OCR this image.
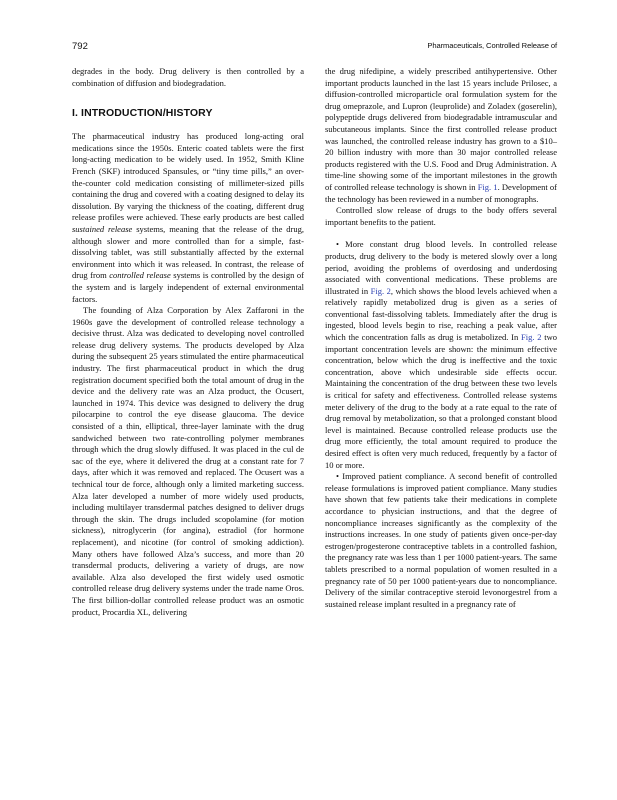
792	Pharmaceuticals, Controlled Release of

degrades in the body. Drug delivery is then controlled by a combination of diffusion and biodegradation.

I. INTRODUCTION/HISTORY

The pharmaceutical industry has produced long-acting oral medications since the 1950s. Enteric coated tablets were the first long-acting medication to be widely used. In 1952, Smith Kline French (SKF) introduced Spansules, or “tiny time pills,” an over-the-counter cold medication consisting of millimeter-sized pills containing the drug and covered with a coating designed to delay its dissolution. By varying the thickness of the coating, different drug release profiles were achieved. These early products are best called sustained release systems, meaning that the release of the drug, although slower and more controlled than for a simple, fast-dissolving tablet, was still substantially affected by the external environment into which it was released. In contrast, the release of drug from controlled release systems is controlled by the design of the system and is largely independent of external environmental factors.

The founding of Alza Corporation by Alex Zaffaroni in the 1960s gave the development of controlled release technology a decisive thrust. Alza was dedicated to developing novel controlled release drug delivery systems. The products developed by Alza during the subsequent 25 years stimulated the entire pharmaceutical industry. The first pharmaceutical product in which the drug registration document specified both the total amount of drug in the device and the delivery rate was an Alza product, the Ocusert, launched in 1974. This device was designed to delivery the drug pilocarpine to control the eye disease glaucoma. The device consisted of a thin, elliptical, three-layer laminate with the drug sandwiched between two rate-controlling polymer membranes through which the drug slowly diffused. It was placed in the cul de sac of the eye, where it delivered the drug at a constant rate for 7 days, after which it was removed and replaced. The Ocusert was a technical tour de force, although only a limited marketing success. Alza later developed a number of more widely used products, including multilayer transdermal patches designed to deliver drugs through the skin. The drugs included scopolamine (for motion sickness), nitroglycerin (for angina), estradiol (for hormone replacement), and nicotine (for control of smoking addiction). Many others have followed Alza’s success, and more than 20 transdermal products, delivering a variety of drugs, are now available. Alza also developed the first widely used osmotic controlled release drug delivery systems under the trade name Oros. The first billion-dollar controlled release product was an osmotic product, Procardia XL, delivering

the drug nifedipine, a widely prescribed antihypertensive. Other important products launched in the last 15 years include Prilosec, a diffusion-controlled microparticle oral formulation system for the drug omeprazole, and Lupron (leuprolide) and Zoladex (goserelin), polypeptide drugs delivered from biodegradable intramuscular and subcutaneous implants. Since the first controlled release product was launched, the controlled release industry has grown to a $10–20 billion industry with more than 30 major controlled release products registered with the U.S. Food and Drug Administration. A time-line showing some of the important milestones in the growth of controlled release technology is shown in Fig. 1. Development of the technology has been reviewed in a number of monographs.

Controlled slow release of drugs to the body offers several important benefits to the patient.

• More constant drug blood levels. In controlled release products, drug delivery to the body is metered slowly over a long period, avoiding the problems of overdosing and underdosing associated with conventional medications. These problems are illustrated in Fig. 2, which shows the blood levels achieved when a relatively rapidly metabolized drug is given as a series of conventional fast-dissolving tablets. Immediately after the drug is ingested, blood levels begin to rise, reaching a peak value, after which the concentration falls as drug is metabolized. In Fig. 2 two important concentration levels are shown: the minimum effective concentration, below which the drug is ineffective and the toxic concentration, above which undesirable side effects occur. Maintaining the concentration of the drug between these two levels is critical for safety and effectiveness. Controlled release systems meter delivery of the drug to the body at a rate equal to the rate of drug removal by metabolization, so that a prolonged constant blood level is maintained. Because controlled release products use the drug more efficiently, the total amount required to produce the desired effect is often very much reduced, frequently by a factor of 10 or more.

• Improved patient compliance. A second benefit of controlled release formulations is improved patient compliance. Many studies have shown that few patients take their medications in complete accordance to physician instructions, and that the degree of noncompliance increases significantly as the complexity of the instructions increases. In one study of patients given once-per-day estrogen/progesterone contraceptive tablets in a controlled fashion, the pregnancy rate was less than 1 per 1000 patient-years. The same tablets prescribed to a normal population of women resulted in a pregnancy rate of 50 per 1000 patient-years due to noncompliance. Delivery of the similar contraceptive steroid levonorgestrel from a sustained release implant resulted in a pregnancy rate of
